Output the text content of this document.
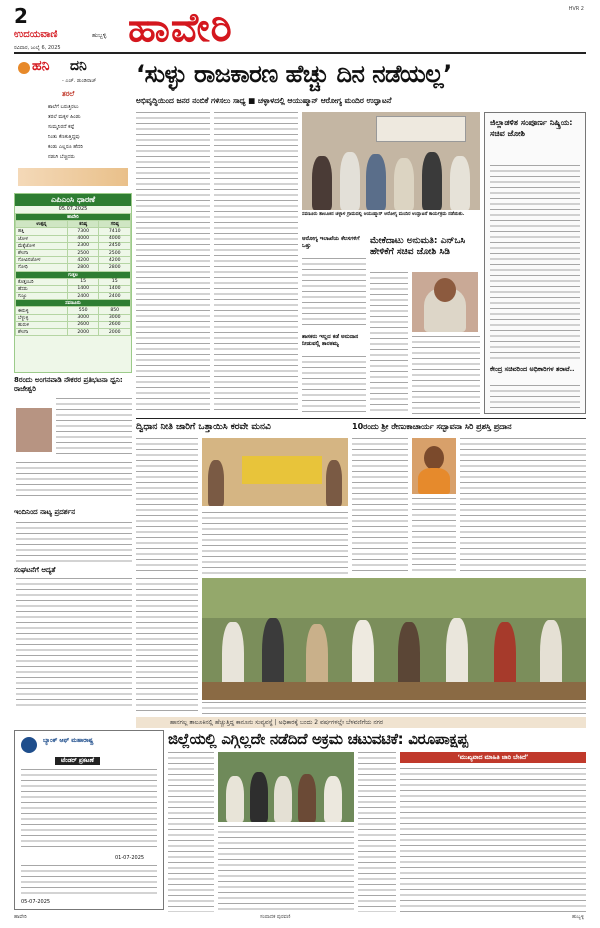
2
ಉದಯವಾಣಿ	ಹುಬ್ಬಳ್ಳಿ
ರವಿವಾರ, ಜುಲೈ 6, 2025 ಹಾವೇರಿ	HVR 2
ಹನಿ ದನಿ
- ಎಚ್. ಡುಂಡಿರಾಜ್
ತರಲೆ
ಶಾಲೆಗೆ ಬರುತ್ತಿರಲು
ತರಲೆ ಮಕ್ಕಳ ಹಿಂಡು
ಸುಮ್ಮನಿರದೆ ಕಪ್ಪೆ
ನಿಂತು ಕೆಣಕುತ್ತಿದ್ದವು
ಕಂಡು ಎಲ್ಲರೂ ಹೆದರಿ
ನಡುಗಿ ಬೆಚ್ಚಿದರು
ಎಪಿಎಂಸಿ ಧಾರಣೆ
05.07.2025
ಹಾವೇರಿ		
ಉತ್ಪನ್ನ	ಕನಿಷ್ಠ	ಗರಿಷ್ಠ
ಹತ್ತಿ	7300	7410
ಜೋಳ	4000	4000
ಮೆಕ್ಕೆಜೋಳ	2300	2450
ಶೇಂಗಾ	2500	2500
ಗೋವಿನಜೋಳ	4200	4200
ಗೋಧಿ	2800	2800
ಗುತ್ತಲ		
ಕೊತ್ತಂಬರಿ	15	15
ಹೆಸರು	1400	1400
ಗುಜ್ಜು	2400	2400
ಸವಣೂರು		
ಈರುಳ್ಳಿ	550	850
ಬೆಳ್ಳುಳ್ಳಿ	3000	3000
ಹುರುಳಿ	2600	2600
ಶೇಂಗಾ	2000	2000
8ರಂದು ಅಂಗನವಾಡಿ ನೌಕರರ ಪ್ರತಿಭಟನಾ ಧ್ವನಿ: ರಾಜೇಶ್ವರಿ
ಇಂದಿನಿಂದ ನಾಟ್ಯ ಪ್ರದರ್ಶನ
ಸಂಘಟನೆಗೆ ಆದ್ಯತೆ
‘ಸುಳ್ಳು ರಾಜಕಾರಣ ಹೆಚ್ಚು ದಿನ ನಡೆಯಲ್ಲ’
ಅಭಿವೃದ್ಧಿಯಿಂದ ಜನರ ನಂಬಿಕೆ ಗಳಿಸಲು ಸಾಧ್ಯ ■ ಚಳ್ಳಾಳದಲ್ಲಿ ಆಯುಷ್ಮಾನ್ ಆರೋಗ್ಯ ಮಂದಿರ ಉದ್ಘಾಟನೆ
ಸವಣೂರು ತಾಲೂಕಿನ ಚಳ್ಳಾಳ ಗ್ರಾಮದಲ್ಲಿ ಆಯುಷ್ಮಾನ್ ಆರೋಗ್ಯ ಮಂದಿರ ಉದ್ಘಾಟನೆ ಕಾರ್ಯಕ್ರಮ ನಡೆಯಿತು.
ಜಿಲ್ಲಾಡಳಿತ ಸಂಪೂರ್ಣ ನಿಷ್ಕ್ರಿಯ: ಸಚಿವ ಜೋಶಿ
ಕೇಂದ್ರ ಸಚಿವರಿಂದ ಅಧಿಕಾರಿಗಳ ತರಾಟೆ..
ಆರೋಗ್ಯ ಇಲಾಖೆಯ ಕೆಲಸಗಳಿಗೆ ಒತ್ತು
ಶಾಸಕರು ಇಲ್ಲದ ಕಡೆ ಅನುದಾನ ನೀಡುವಲ್ಲಿ ತಾರತಮ್ಯ
ಮೇಕೆದಾಟು ಅನುಮತಿ: ಎನ್ಒಸಿ ಹೇಳಿಕೆಗೆ ಸಚಿವ ಜೋಶಿ ಸಿಡಿ
ದ್ವಿಧಾನ ನೀತಿ ಜಾರಿಗೆ ಒತ್ತಾಯಿಸಿ ಕರವೇ ಮನವಿ	10ರಂದು ಶ್ರೀ ರೇಣುಕಾಚಾರ್ಯ ಸದ್ಭಾವನಾ ಸಿರಿ ಪ್ರಶಸ್ತಿ ಪ್ರದಾನ
ಹಾನಗಲ್ಲ ತಾಲೂಕಿನಲ್ಲಿ ಹೆಚ್ಚುತ್ತಿದ್ದ ಕಾನೂನು ಸುವ್ಯವಸ್ಥೆ | ಅಧಿಕಾರಕ್ಕೆ ಬಂದು 2 ವರ್ಷಗಳಲ್ಲೇ ಬೆಳವಣಿಗೆಯ ನಗರ
ಜಿಲ್ಲೆಯಲ್ಲಿ ಎಗ್ಗಿಲ್ಲದೇ ನಡೆದಿದೆ ಅಕ್ರಮ ಚಟುವಟಿಕೆ: ವಿರೂಪಾಕ್ಷಪ್ಪ
ಬ್ಯಾಂಕ್ ಆಫ್ ಮಹಾರಾಷ್ಟ್ರ
ಟೆಂಡರ್ ಪ್ರಕಟಣೆ
01-07-2025
05-07-2025
‘ಮುಖ್ಯವಾದ ಮಾಹಿತಿ ಜಾರಿ ಬೇಕಿದೆ’
ಹಾವೇರಿ	ಸಂಪಾದಕ ಪುರವಣಿ	ಹುಬ್ಬಳ್ಳಿ
